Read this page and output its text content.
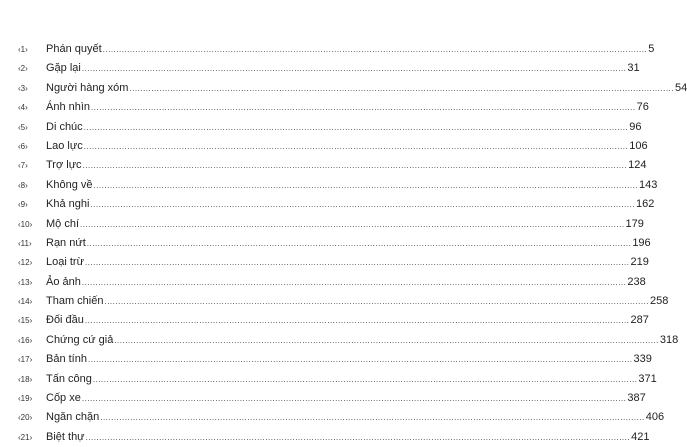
‹1›	Phán quyết .....	5
‹2›	Gặp lại .....	31
‹3›	Người hàng xóm .....	54
‹4›	Ánh nhìn .....	76
‹5›	Di chúc .....	96
‹6›	Lao lực .....	106
‹7›	Trợ lực .....	124
‹8›	Không về .....	143
‹9›	Khả nghi .....	162
‹10›	Mộ chí .....	179
‹11›	Rạn nứt .....	196
‹12›	Loại trừ .....	219
‹13›	Ảo ảnh .....	238
‹14›	Tham chiến .....	258
‹15›	Đối đầu .....	287
‹16›	Chứng cứ giả .....	318
‹17›	Bản tính .....	339
‹18›	Tấn công .....	371
‹19›	Cốp xe .....	387
‹20›	Ngăn chặn .....	406
‹21›	Biệt thự .....	421
